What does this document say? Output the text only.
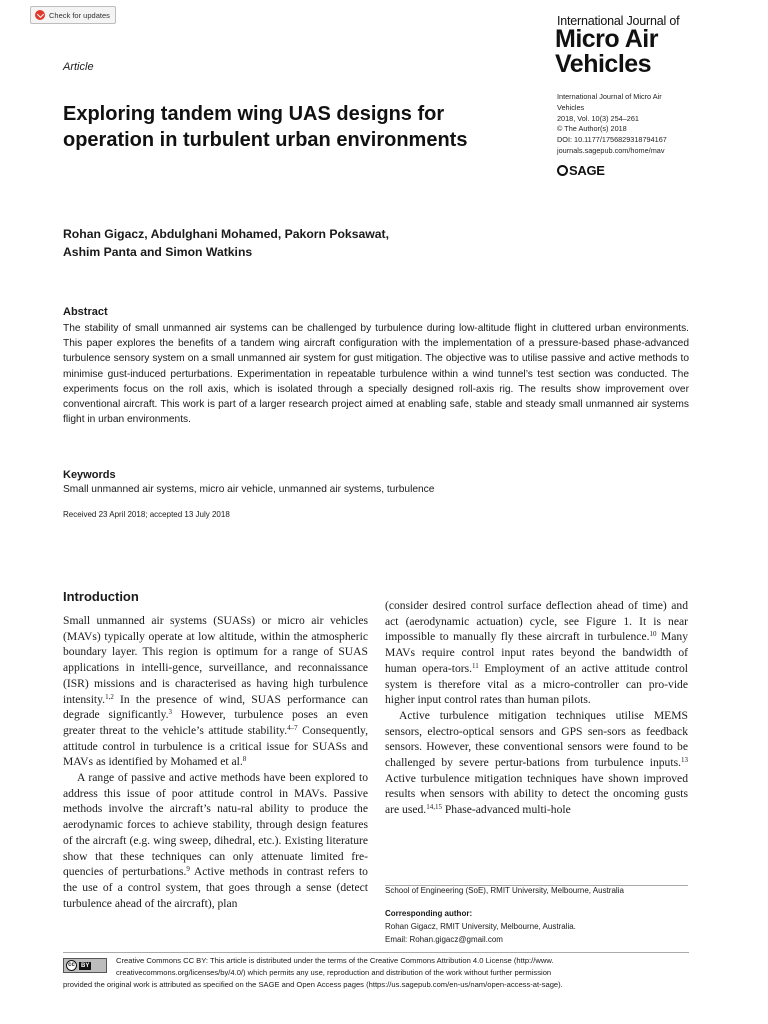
Check for updates	International Journal of
Micro Air
Vehicles
Article
International Journal of Micro Air
Vehicles
2018, Vol. 10(3) 254–261
© The Author(s) 2018
DOI: 10.1177/1756829318794167
journals.sagepub.com/home/mav
SAGE
Exploring tandem wing UAS designs for operation in turbulent urban environments
Rohan Gigacz, Abdulghani Mohamed, Pakorn Poksawat,
Ashim Panta and Simon Watkins
Abstract
The stability of small unmanned air systems can be challenged by turbulence during low-altitude flight in cluttered urban environments. This paper explores the benefits of a tandem wing aircraft configuration with the implementation of a pressure-based phase-advanced turbulence sensory system on a small unmanned air system for gust mitigation. The objective was to utilise passive and active methods to minimise gust-induced perturbations. Experimentation in repeatable turbulence within a wind tunnel’s test section was conducted. The experiments focus on the roll axis, which is isolated through a specially designed roll-axis rig. The results show improvement over conventional aircraft. This work is part of a larger research project aimed at enabling safe, stable and steady small unmanned air systems flight in urban environments.
Keywords
Small unmanned air systems, micro air vehicle, unmanned air systems, turbulence
Received 23 April 2018; accepted 13 July 2018
Introduction

Small unmanned air systems (SUASs) or micro air vehicles (MAVs) typically operate at low altitude, within the atmospheric boundary layer. This region is optimum for a range of SUAS applications in intelli-gence, surveillance, and reconnaissance (ISR) missions and is characterised as having high turbulence intensity.$^{1,2}$ In the presence of wind, SUAS performance can degrade significantly.$^3$ However, turbulence poses an even greater threat to the vehicle’s attitude stability.$^{4-7}$ Consequently, attitude control in turbulence is a critical issue for SUASs and MAVs as identified by Mohamed et al.$^8$

A range of passive and active methods have been explored to address this issue of poor attitude control in MAVs. Passive methods involve the aircraft’s natu-ral ability to produce the aerodynamic forces to achieve stability, through design features of the aircraft (e.g. wing sweep, dihedral, etc.). Existing literature show that these techniques can only attenuate limited fre-quencies of perturbations.$^9$ Active methods in contrast refers to the use of a control system, that goes through a sense (detect turbulence ahead of the aircraft), plan

(consider desired control surface deflection ahead of time) and act (aerodynamic actuation) cycle, see Figure 1. It is near impossible to manually fly these aircraft in turbulence.$^{10}$ Many MAVs require control input rates beyond the bandwidth of human opera-tors.$^{11}$ Employment of an active attitude control system is therefore vital as a micro-controller can pro-vide higher input control rates than human pilots.

Active turbulence mitigation techniques utilise MEMS sensors, electro-optical sensors and GPS sen-sors as feedback sensors. However, these conventional sensors were found to be challenged by severe pertur-bations from turbulence inputs.$^{13}$ Active turbulence mitigation techniques have shown improved results when sensors with ability to detect the oncoming gusts are used.$^{14,15}$ Phase-advanced multi-hole

School of Engineering (SoE), RMIT University, Melbourne, Australia
Corresponding author:
Rohan Gigacz, RMIT University, Melbourne, Australia.
Email: Rohan.gigacz@gmail.com
cc	BY
Creative Commons CC BY: This article is distributed under the terms of the Creative Commons Attribution 4.0 License (http://www.
creativecommons.org/licenses/by/4.0/) which permits any use, reproduction and distribution of the work without further permission
provided the original work is attributed as specified on the SAGE and Open Access pages (https://us.sagepub.com/en-us/nam/open-access-at-sage).
